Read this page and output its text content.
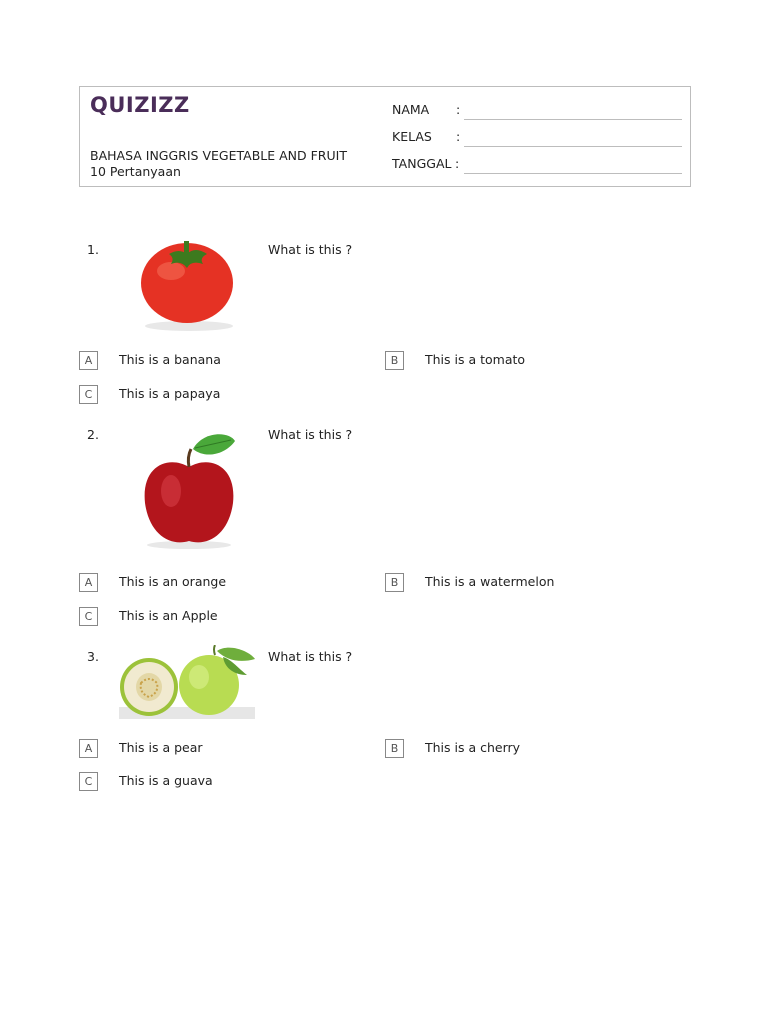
QUIZIZZ
BAHASA INGGRIS VEGETABLE AND FRUIT
10 Pertanyaan
NAMA :
KELAS :
TANGGAL :
1.	What is this ?
A	This is a banana	B	This is a tomato
C	This is a papaya
2.	What is this ?
A	This is an orange	B	This is a watermelon
C	This is an Apple
3.	What is this ?
A	This is a pear	B	This is a cherry
C	This is a guava
